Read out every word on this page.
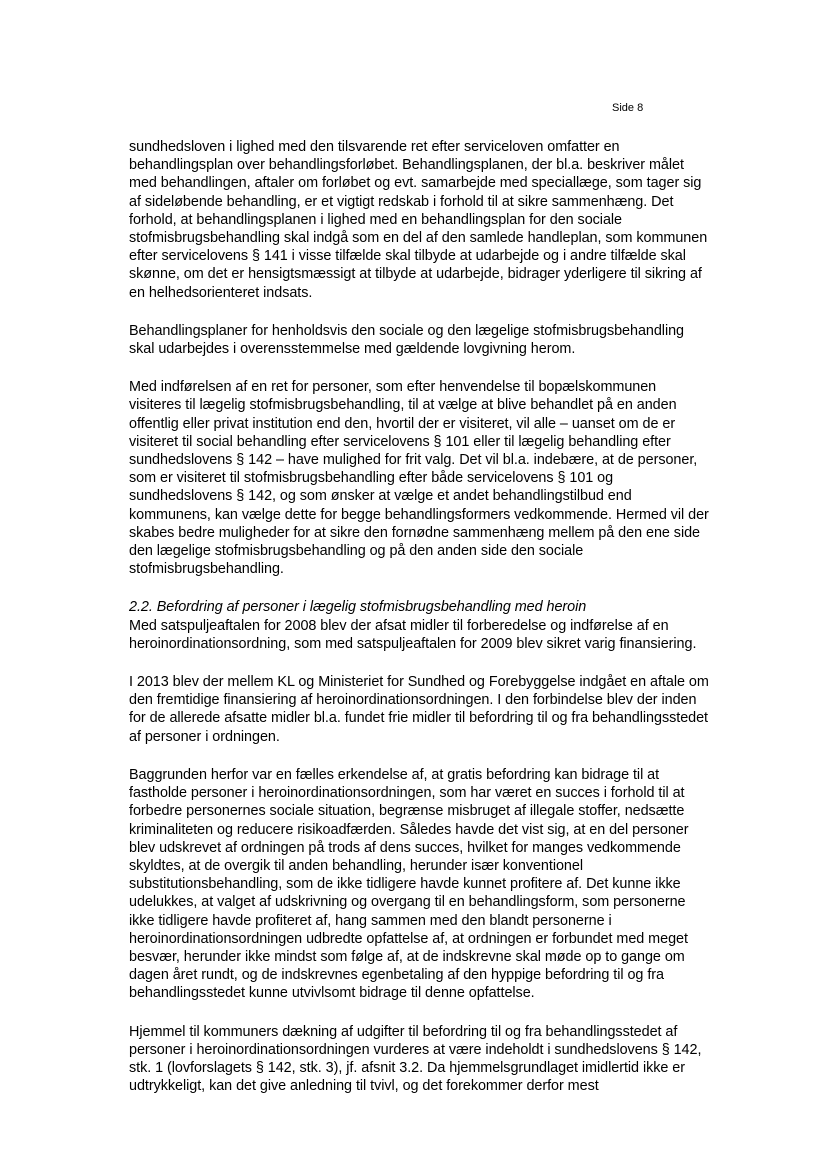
Side 8

sundhedsloven i lighed med den tilsvarende ret efter serviceloven omfatter en
behandlingsplan over behandlingsforløbet. Behandlingsplanen, der bl.a. beskriver målet
med behandlingen, aftaler om forløbet og evt. samarbejde med speciallæge, som tager sig
af sideløbende behandling, er et vigtigt redskab i forhold til at sikre sammenhæng. Det
forhold, at behandlingsplanen i lighed med en behandlingsplan for den sociale
stofmisbrugsbehandling skal indgå som en del af den samlede handleplan, som kommunen
efter servicelovens § 141 i visse tilfælde skal tilbyde at udarbejde og i andre tilfælde skal
skønne, om det er hensigtsmæssigt at tilbyde at udarbejde, bidrager yderligere til sikring af
en helhedsorienteret indsats.
Behandlingsplaner for henholdsvis den sociale og den lægelige stofmisbrugsbehandling
skal udarbejdes i overensstemmelse med gældende lovgivning herom.
Med indførelsen af en ret for personer, som efter henvendelse til bopælskommunen
visiteres til lægelig stofmisbrugsbehandling, til at vælge at blive behandlet på en anden
offentlig eller privat institution end den, hvortil der er visiteret, vil alle – uanset om de er
visiteret til social behandling efter servicelovens § 101 eller til lægelig behandling efter
sundhedslovens § 142 – have mulighed for frit valg. Det vil bl.a. indebære, at de personer,
som er visiteret til stofmisbrugsbehandling efter både servicelovens § 101 og
sundhedslovens § 142, og som ønsker at vælge et andet behandlingstilbud end
kommunens, kan vælge dette for begge behandlingsformers vedkommende. Hermed vil der
skabes bedre muligheder for at sikre den fornødne sammenhæng mellem på den ene side
den lægelige stofmisbrugsbehandling og på den anden side den sociale
stofmisbrugsbehandling.
2.2. Befordring af personer i lægelig stofmisbrugsbehandling med heroin
Med satspuljeaftalen for 2008 blev der afsat midler til forberedelse og indførelse af en
heroinordinationsordning, som med satspuljeaftalen for 2009 blev sikret varig finansiering.
I 2013 blev der mellem KL og Ministeriet for Sundhed og Forebyggelse indgået en aftale om
den fremtidige finansiering af heroinordinationsordningen. I den forbindelse blev der inden
for de allerede afsatte midler bl.a. fundet frie midler til befordring til og fra behandlingsstedet
af personer i ordningen.
Baggrunden herfor var en fælles erkendelse af, at gratis befordring kan bidrage til at
fastholde personer i heroinordinationsordningen, som har været en succes i forhold til at
forbedre personernes sociale situation, begrænse misbruget af illegale stoffer, nedsætte
kriminaliteten og reducere risikoadfærden. Således havde det vist sig, at en del personer
blev udskrevet af ordningen på trods af dens succes, hvilket for manges vedkommende
skyldtes, at de overgik til anden behandling, herunder især konventionel
substitutionsbehandling, som de ikke tidligere havde kunnet profitere af. Det kunne ikke
udelukkes, at valget af udskrivning og overgang til en behandlingsform, som personerne
ikke tidligere havde profiteret af, hang sammen med den blandt personerne i
heroinordinationsordningen udbredte opfattelse af, at ordningen er forbundet med meget
besvær, herunder ikke mindst som følge af, at de indskrevne skal møde op to gange om
dagen året rundt, og de indskrevnes egenbetaling af den hyppige befordring til og fra
behandlingsstedet kunne utvivlsomt bidrage til denne opfattelse.
Hjemmel til kommuners dækning af udgifter til befordring til og fra behandlingsstedet af
personer i heroinordinationsordningen vurderes at være indeholdt i sundhedslovens § 142,
stk. 1 (lovforslagets § 142, stk. 3), jf. afsnit 3.2. Da hjemmelsgrundlaget imidlertid ikke er
udtrykkeligt, kan det give anledning til tvivl, og det forekommer derfor mest
